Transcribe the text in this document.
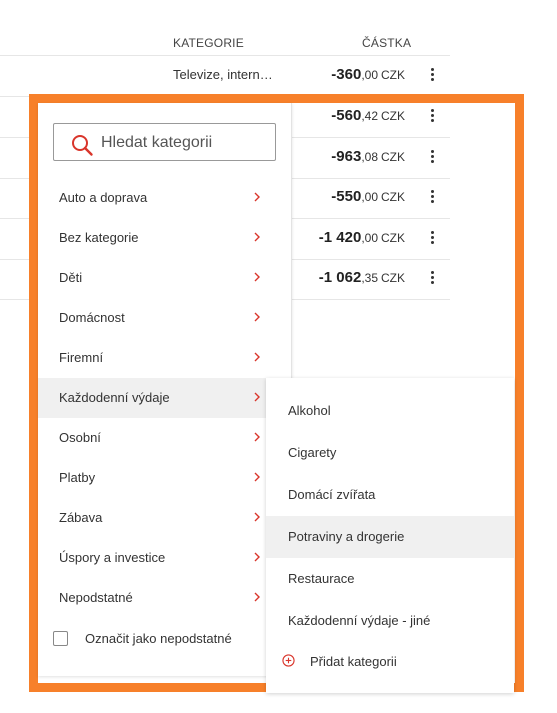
KATEGORIE	ČÁSTKA
Televize, intern…	-360,00 CZK
-560,42 CZK
-963,08 CZK
-550,00 CZK
-1 420,00 CZK
-1 062,35 CZK
Hledat kategorii
Auto a doprava
Bez kategorie
Děti
Domácnost
Firemní
Každodenní výdaje
Osobní
Platby
Zábava
Úspory a investice
Nepodstatné
Označit jako nepodstatné
Alkohol
Cigarety
Domácí zvířata
Potraviny a drogerie
Restaurace
Každodenní výdaje - jiné
Přidat kategorii
